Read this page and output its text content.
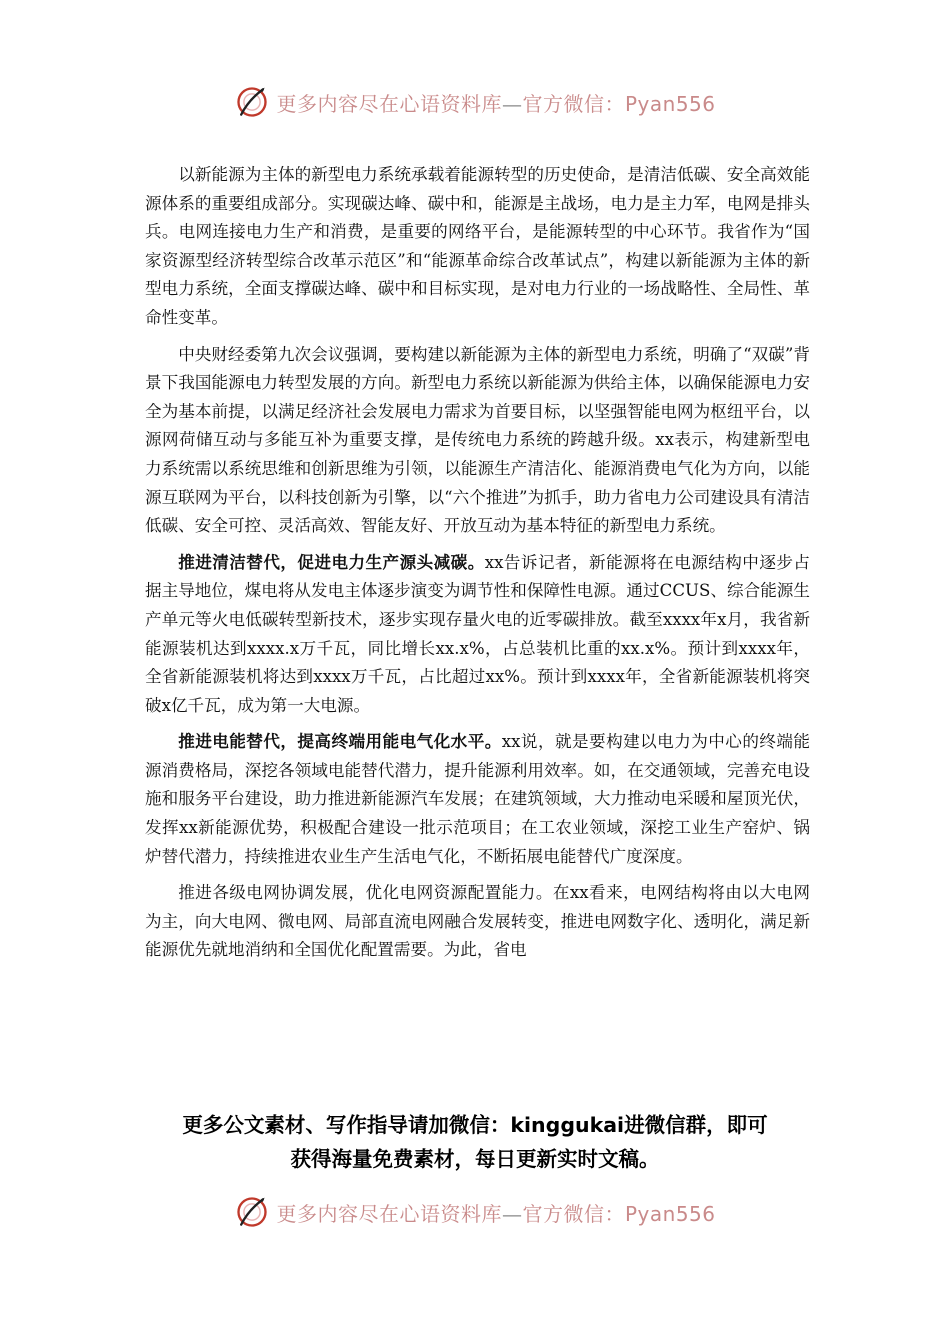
更多内容尽在心语资料库—官方微信：Pyan556

以新能源为主体的新型电力系统承载着能源转型的历史使命，是清洁低碳、安全高效能源体系的重要组成部分。实现碳达峰、碳中和，能源是主战场，电力是主力军，电网是排头兵。电网连接电力生产和消费，是重要的网络平台，是能源转型的中心环节。我省作为“国家资源型经济转型综合改革示范区”和“能源革命综合改革试点”，构建以新能源为主体的新型电力系统，全面支撑碳达峰、碳中和目标实现，是对电力行业的一场战略性、全局性、革命性变革。

中央财经委第九次会议强调，要构建以新能源为主体的新型电力系统，明确了“双碳”背景下我国能源电力转型发展的方向。新型电力系统以新能源为供给主体，以确保能源电力安全为基本前提，以满足经济社会发展电力需求为首要目标，以坚强智能电网为枢纽平台，以源网荷储互动与多能互补为重要支撑，是传统电力系统的跨越升级。xx表示，构建新型电力系统需以系统思维和创新思维为引领，以能源生产清洁化、能源消费电气化为方向，以能源互联网为平台，以科技创新为引擎，以“六个推进”为抓手，助力省电力公司建设具有清洁低碳、安全可控、灵活高效、智能友好、开放互动为基本特征的新型电力系统。

推进清洁替代，促进电力生产源头减碳。xx告诉记者，新能源将在电源结构中逐步占据主导地位，煤电将从发电主体逐步演变为调节性和保障性电源。通过CCUS、综合能源生产单元等火电低碳转型新技术，逐步实现存量火电的近零碳排放。截至xxxx年x月，我省新能源装机达到xxxx.x万千瓦，同比增长xx.x%，占总装机比重的xx.x%。预计到xxxx年，全省新能源装机将达到xxxx万千瓦，占比超过xx%。预计到xxxx年，全省新能源装机将突破x亿千瓦，成为第一大电源。

推进电能替代，提高终端用能电气化水平。xx说，就是要构建以电力为中心的终端能源消费格局，深挖各领域电能替代潜力，提升能源利用效率。如，在交通领域，完善充电设施和服务平台建设，助力推进新能源汽车发展；在建筑领域，大力推动电采暖和屋顶光伏，发挥xx新能源优势，积极配合建设一批示范项目；在工农业领域，深挖工业生产窑炉、锅炉替代潜力，持续推进农业生产生活电气化，不断拓展电能替代广度深度。

推进各级电网协调发展，优化电网资源配置能力。在xx看来，电网结构将由以大电网为主，向大电网、微电网、局部直流电网融合发展转变，推进电网数字化、透明化，满足新能源优先就地消纳和全国优化配置需要。为此，省电

更多公文素材、写作指导请加微信：kinggukai进微信群，即可
获得海量免费素材，每日更新实时文稿。
更多内容尽在心语资料库—官方微信：Pyan556
